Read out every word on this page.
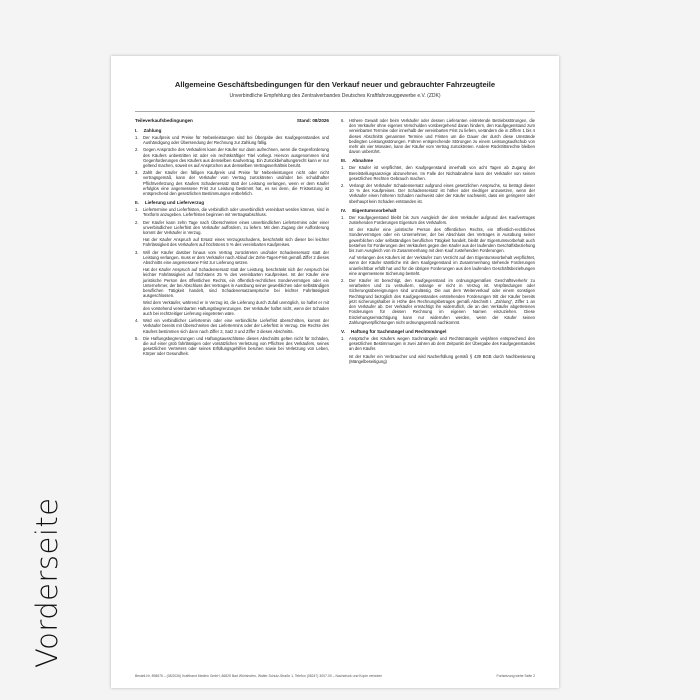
Vorderseite
Allgemeine Geschäftsbedingungen für den Verkauf neuer und gebrauchter Fahrzeugteile
Unverbindliche Empfehlung des Zentralverbandes Deutsches Kraftfahrzeuggewerbe e.V. (ZDK)
Teileverkaufsbedingungen	Stand: 08/2026
I. Zahlung
1.	Der Kaufpreis und Preise für Nebenleistungen sind bei Übergabe des Kaufgegenstandes und Aushändigung oder Übersendung der Rechnung zur Zahlung fällig.
2.	Gegen Ansprüche des Verkäufers kann der Käufer nur dann aufrechnen, wenn die Gegenforderung des Käufers unbestritten ist oder ein rechtskräftiger Titel vorliegt. Hiervon ausgenommen sind Gegenforderungen des Käufers aus demselben Kaufvertrag. Ein Zurückbehaltungsrecht kann er nur geltend machen, soweit es auf Ansprüchen aus demselben Vertragsverhältnis beruht.
3.	Zahlt der Käufer den fälligen Kaufpreis und Preise für Nebenleistungen nicht oder nicht vertragsgemäß, kann der Verkäufer vom Vertrag zurücktreten und/oder bei schuldhafter Pflichtverletzung des Käufers Schadenersatz statt der Leistung verlangen, wenn er dem Käufer erfolglos eine angemessene Frist zur Leistung bestimmt hat, es sei denn, die Fristsetzung ist entsprechend den gesetzlichen Bestimmungen entbehrlich.
II. Lieferung und Lieferverzug
1.	Liefertermine und Lieferfristen, die verbindlich oder unverbindlich vereinbart werden können, sind in Textform anzugeben. Lieferfristen beginnen mit Vertragsabschluss.
2.	Der Käufer kann zehn Tage nach Überschreiten eines unverbindlichen Liefertermins oder einer unverbindlichen Lieferfrist den Verkäufer auffordern, zu liefern. Mit dem Zugang der Aufforderung kommt der Verkäufer in Verzug.
Hat der Käufer Anspruch auf Ersatz eines Verzugsschadens, beschränkt sich dieser bei leichter Fahrlässigkeit des Verkäufers auf höchstens 5 % des vereinbarten Kaufpreises.
3.	Will der Käufer darüber hinaus vom Vertrag zurücktreten und/oder Schadensersatz statt der Leistung verlangen, muss er dem Verkäufer nach Ablauf der Zehn-Tages-Frist gemäß Ziffer 2 dieses Abschnitts eine angemessene Frist zur Lieferung setzen.
Hat der Käufer Anspruch auf Schadensersatz statt der Leistung, beschränkt sich der Anspruch bei leichter Fahrlässigkeit auf höchstens 25 % des vereinbarten Kaufpreises. Ist der Käufer eine juristische Person des öffentlichen Rechts, ein öffentlich-rechtliches Sondervermögen oder ein Unternehmer, der bei Abschluss des Vertrages in Ausübung seiner gewerblichen oder selbständigen beruflichen Tätigkeit handelt, sind Schadenersatzansprüche bei leichter Fahrlässigkeit ausgeschlossen.
Wird dem Verkäufer, während er in Verzug ist, die Lieferung durch Zufall unmöglich, so haftet er mit den vorstehend vereinbarten Haftungsbegrenzungen. Der Verkäufer haftet nicht, wenn der Schaden auch bei rechtzeitiger Lieferung eingetreten wäre.
4.	Wird ein verbindlicher Liefertermin oder eine verbindliche Lieferfrist überschritten, kommt der Verkäufer bereits mit Überschreiten des Liefertermins oder der Lieferfrist in Verzug. Die Rechte des Käufers bestimmen sich dann nach Ziffer 2, Satz 3 und Ziffer 3 dieses Abschnitts.
5.	Die Haftungsbegrenzungen und Haftungsausschlüsse dieses Abschnitts gelten nicht für Schäden, die auf einer grob fahrlässigen oder vorsätzlichen Verletzung von Pflichten des Verkäufers, seines gesetzlichen Vertreters oder seines Erfüllungsgehilfen beruhen sowie bei Verletzung von Leben, Körper oder Gesundheit.
6.	Höhere Gewalt oder beim Verkäufer oder dessen Lieferanten eintretende Betriebsstörungen, die den Verkäufer ohne eigenes Verschulden vorübergehend daran hindern, den Kaufgegenstand zum vereinbarten Termine oder innerhalb der vereinbarten Frist zu liefern, verändern die in Ziffern 1 bis 4 dieses Abschnitts genannten Termine und Fristen um die Dauer der durch diese Umstände bedingten Leistungsstörungen. Führen entsprechende Störungen zu einem Leistungsaufschub von mehr als vier Monaten, kann der Käufer vom Vertrag zurücktreten. Andere Rücktrittsrechte bleiben davon unberührt.
III. Abnahme
1.	Der Käufer ist verpflichtet, den Kaufgegenstand innerhalb von acht Tagen ab Zugang der Bereitstellungsanzeige abzunehmen. Im Falle der Nichtabnahme kann der Verkäufer von seinen gesetzlichen Rechten Gebrauch machen.
2.	Verlangt der Verkäufer Schadensersatz aufgrund eines gesetzlichen Anspruchs, so beträgt dieser 10 % des Kaufpreises. Der Schadensersatz ist höher oder niedriger anzusetzen, wenn der Verkäufer einen höheren Schaden nachweist oder der Käufer nachweist, dass ein geringerer oder überhaupt kein Schaden entstanden ist.
IV. Eigentumsvorbehalt
1.	Der Kaufgegenstand bleibt bis zum Ausgleich der dem Verkäufer aufgrund des Kaufvertrages zustehenden Forderungen Eigentum des Verkäufers.
Ist der Käufer eine juristische Person des öffentlichen Rechts, ein öffentlich-rechtliches Sondervermögen oder ein Unternehmer, der bei Abschluss des Vertrages in Ausübung seiner gewerblichen oder selbständigen beruflichen Tätigkeit handelt, bleibt der Eigentumsvorbehalt auch bestehen für Forderungen des Verkäufers gegen den Käufer aus der laufenden Geschäftsbeziehung bis zum Ausgleich von im Zusammenhang mit dem Kauf zustehenden Forderungen.
Auf Verlangen des Käufers ist der Verkäufer zum Verzicht auf den Eigentumsvorbehalt verpflichtet, wenn der Käufer sämtliche mit dem Kaufgegenstand im Zusammenhang stehende Forderungen unanfechtbar erfüllt hat und für die übrigen Forderungen aus den laufenden Geschäftsbeziehungen eine angemessene Sicherung besteht.
2.	Der Käufer ist berechtigt, den Kaufgegenstand im ordnungsgemäßen Geschäftsverkehr zu verarbeiten und zu veräußern, solange er nicht in Verzug ist. Verpfändungen oder Sicherungsübereignungen sind unzulässig. Die aus dem Weiterverkauf oder einem sonstigen Rechtsgrund bezüglich des Kaufgegenstandes entstehenden Forderungen tritt der Käufer bereits jetzt sicherungshalber in Höhe des Rechnungsbetrages gemäß Abschnitt I. „Zahlung“, Ziffer 1 an den Verkäufer ab. Der Verkäufer ermächtigt ihn widerruflich, die an den Verkäufer abgetretenen Forderungen für dessen Rechnung im eigenen Namen einzuziehen. Diese Einziehungsermächtigung kann nur widerrufen werden, wenn der Käufer seinen Zahlungsverpflichtungen nicht ordnungsgemäß nachkommt.
V. Haftung für Sachmängel und Rechtsmängel
1.	Ansprüche des Käufers wegen Sachmängeln und Rechtsmängeln verjähren entsprechend den gesetzlichen Bestimmungen in zwei Jahren ab dem Zeitpunkt der Übergabe des Kaufgegenstandes an den Käufer.
Ist der Käufer ein Verbraucher und wird Nacherfüllung gemäß § 439 BGB durch Nachbesserung (Mängelbeseitigung)
Bestell-Nr. 898676 – (08/2026) Krafthand Medien GmbH, 86825 Bad Wörishofen, Walter-Schulz-Straße 1, Telefon (08247) 3007-00 – Nachdruck und Kopie verboten	Fortsetzung siehe Seite 2
